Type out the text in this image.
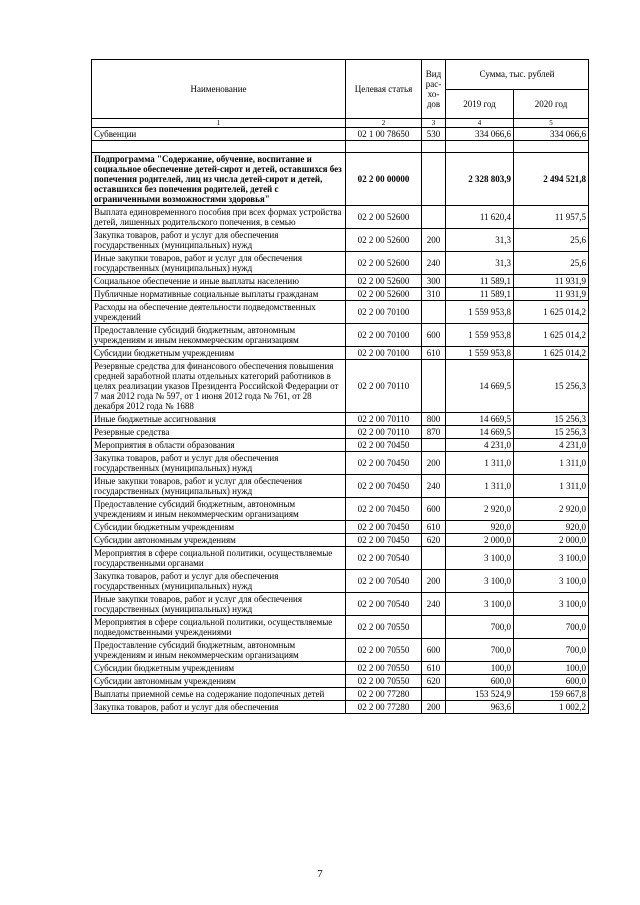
Наименование	Целевая статья	Вид рас-хо-дов	Сумма, тыс. рублей	
			2019 год	2020 год
1	2	3	4	5
Субвенции	02 1 00 78650	530	334 066,6	334 066,6

Подпрограмма "Содержание, обучение, воспитание и социальное обеспечение детей-сирот и детей, оставшихся без попечения родителей, лиц из числа детей-сирот и детей, оставшихся без попечения родителей, детей с ограниченными возможностями здоровья"	02 2 00 00000		2 328 803,9	2 494 521,8
Выплата единовременного пособия при всех формах устройства детей, лишенных родительского попечения, в семью	02 2 00 52600		11 620,4	11 957,5
Закупка товаров, работ и услуг для обеспечения государственных (муниципальных) нужд	02 2 00 52600	200	31,3	25,6
Иные закупки товаров, работ и услуг для обеспечения государственных (муниципальных) нужд	02 2 00 52600	240	31,3	25,6
Социальное обеспечение и иные выплаты населению	02 2 00 52600	300	11 589,1	11 931,9
Публичные нормативные социальные выплаты гражданам	02 2 00 52600	310	11 589,1	11 931,9
Расходы на обеспечение деятельности подведомственных учреждений	02 2 00 70100		1 559 953,8	1 625 014,2
Предоставление субсидий бюджетным, автономным учреждениям и иным некоммерческим организациям	02 2 00 70100	600	1 559 953,8	1 625 014,2
Субсидии бюджетным учреждениям	02 2 00 70100	610	1 559 953,8	1 625 014,2
Резервные средства для финансового обеспечения повышения средней заработной платы отдельных категорий работников в целях реализации указов Президента Российской Федерации от 7 мая 2012 года № 597, от 1 июня 2012 года № 761, от 28 декабря 2012 года № 1688	02 2 00 70110		14 669,5	15 256,3
Иные бюджетные ассигнования	02 2 00 70110	800	14 669,5	15 256,3
Резервные средства	02 2 00 70110	870	14 669,5	15 256,3
Мероприятия в области образования	02 2 00 70450		4 231,0	4 231,0
Закупка товаров, работ и услуг для обеспечения государственных (муниципальных) нужд	02 2 00 70450	200	1 311,0	1 311,0
Иные закупки товаров, работ и услуг для обеспечения государственных (муниципальных) нужд	02 2 00 70450	240	1 311,0	1 311,0
Предоставление субсидий бюджетным, автономным учреждениям и иным некоммерческим организациям	02 2 00 70450	600	2 920,0	2 920,0
Субсидии бюджетным учреждениям	02 2 00 70450	610	920,0	920,0
Субсидии автономным учреждениям	02 2 00 70450	620	2 000,0	2 000,0
Мероприятия в сфере социальной политики, осуществляемые государственными органами	02 2 00 70540		3 100,0	3 100,0
Закупка товаров, работ и услуг для обеспечения государственных (муниципальных) нужд	02 2 00 70540	200	3 100,0	3 100,0
Иные закупки товаров, работ и услуг для обеспечения государственных (муниципальных) нужд	02 2 00 70540	240	3 100,0	3 100,0
Мероприятия в сфере социальной политики, осуществляемые подведомственными учреждениями	02 2 00 70550		700,0	700,0
Предоставление субсидий бюджетным, автономным учреждениям и иным некоммерческим организациям	02 2 00 70550	600	700,0	700,0
Субсидии бюджетным учреждениям	02 2 00 70550	610	100,0	100,0
Субсидии автономным учреждениям	02 2 00 70550	620	600,0	600,0
Выплаты приемной семье на содержание подопечных детей	02 2 00 77280		153 524,9	159 667,8
Закупка товаров, работ и услуг для обеспечения	02 2 00 77280	200	963,6	1 002,2
7
